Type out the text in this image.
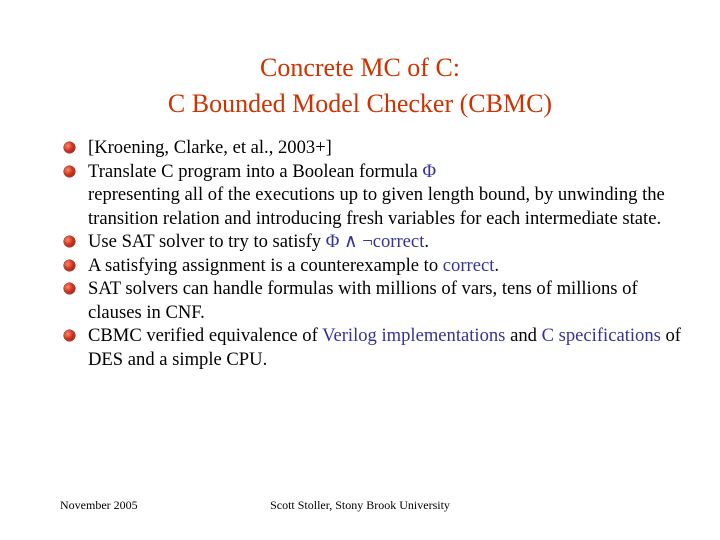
Concrete MC of C:
C Bounded Model Checker (CBMC)
[Kroening, Clarke, et al., 2003+]
Translate C program into a Boolean formula Φ
representing all of the executions up to given length bound, by unwinding the transition relation and introducing fresh variables for each intermediate state.
Use SAT solver to try to satisfy Φ ∧ ¬correct.
A satisfying assignment is a counterexample to correct.
SAT solvers can handle formulas with millions of vars, tens of millions of clauses in CNF.
CBMC verified equivalence of Verilog implementations and C specifications of DES and a simple CPU.
November 2005	Scott Stoller, Stony Brook University
